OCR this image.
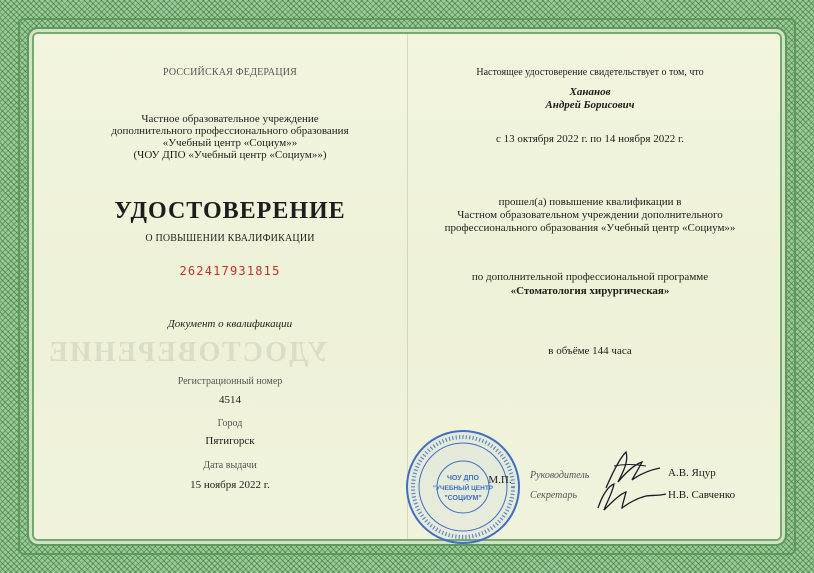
РОССИЙСКАЯ ФЕДЕРАЦИЯ
Частное образовательное учреждение
дополнительного профессионального образования
«Учебный центр «Социум»»
(ЧОУ ДПО «Учебный центр «Социум»»)
УДОСТОВЕРЕНИЕ
О ПОВЫШЕНИИ КВАЛИФИКАЦИИ
262417931815
Документ о квалификации
УДОСТОВЕРЕНИЕ
Регистрационный номер
4514
Город
Пятигорск
Дата выдачи
15 ноября 2022 г.
Настоящее удостоверение свидетельствует о том, что
Хананов
Андрей Борисович
с 13 октября 2022 г. по 14 ноября 2022 г.
прошел(а) повышение квалификации в
Частном образовательном учреждении дополнительного
профессионального образования «Учебный центр «Социум»»
по дополнительной профессиональной программе
«Стоматология хирургическая»
в объёме 144 часа
ЧОУ ДПО
"УЧЕБНЫЙ ЦЕНТР
"СОЦИУМ"
М.П.	Руководитель	А.В. Яцур
Секретарь	Н.В. Савченко
